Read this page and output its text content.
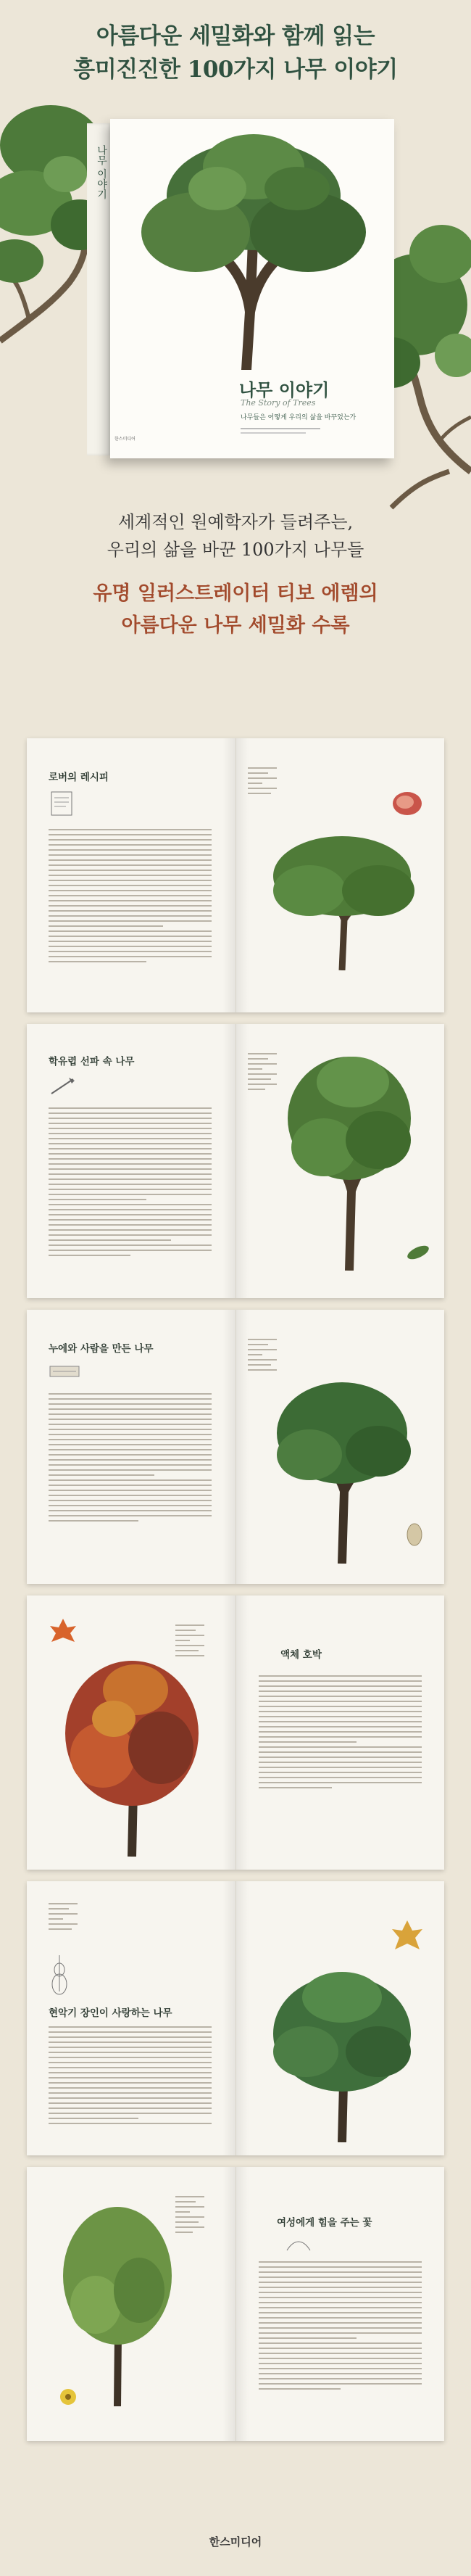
아름다운 세밀화와 함께 읽는
흥미진진한 100가지 나무 이야기
나무 이야기
나무 이야기
The Story of Trees
나무들은 어떻게 우리의 삶을 바꾸었는가
한스미디어

세계적인 원예학자가 들려주는,

우리의 삶을 바꾼 100가지 나무들

유명 일러스트레이터 티보 에렘의

아름다운 나무 세밀화 수록

로버의 레시피
학유렵 선파 속 나무
누에와 사람을 만든 나무
액체 호박
현악기 장인이 사랑하는 나무
여성에게 힘을 주는 꽃
한스미디어
